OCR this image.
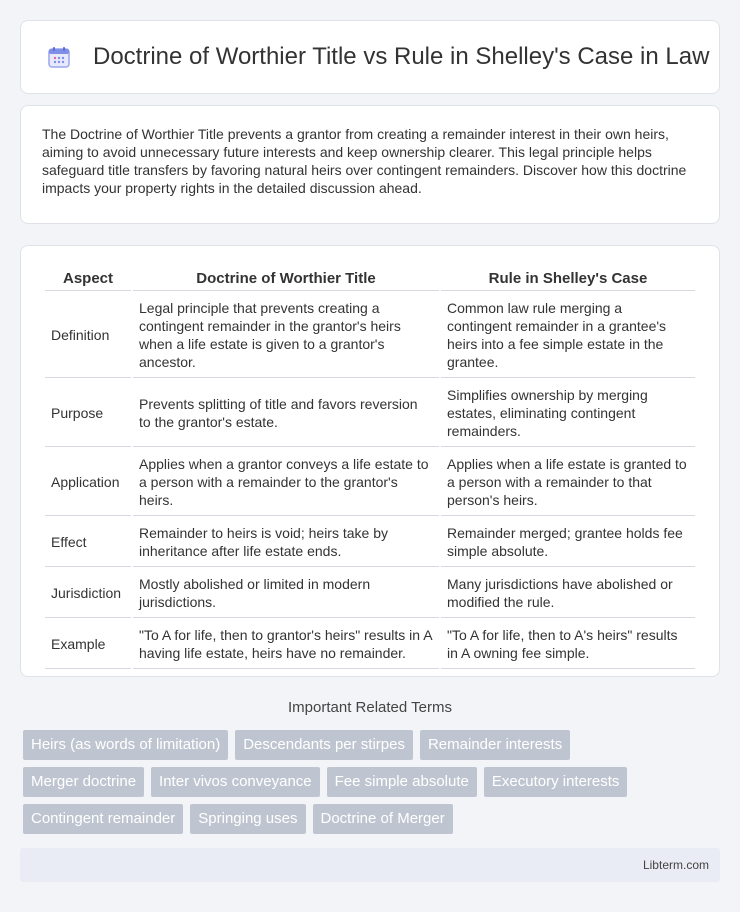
Doctrine of Worthier Title vs Rule in Shelley's Case in Law

The Doctrine of Worthier Title prevents a grantor from creating a remainder interest in their own heirs, aiming to avoid unnecessary future interests and keep ownership clearer. This legal principle helps safeguard title transfers by favoring natural heirs over contingent remainders. Discover how this doctrine impacts your property rights in the detailed discussion ahead.

Aspect	Doctrine of Worthier Title	Rule in Shelley's Case
Definition	Legal principle that prevents creating a contingent remainder in the grantor's heirs when a life estate is given to a grantor's ancestor.	Common law rule merging a contingent remainder in a grantee's heirs into a fee simple estate in the grantee.
Purpose	Prevents splitting of title and favors reversion to the grantor's estate.	Simplifies ownership by merging estates, eliminating contingent remainders.
Application	Applies when a grantor conveys a life estate to a person with a remainder to the grantor's heirs.	Applies when a life estate is granted to a person with a remainder to that person's heirs.
Effect	Remainder to heirs is void; heirs take by inheritance after life estate ends.	Remainder merged; grantee holds fee simple absolute.
Jurisdiction	Mostly abolished or limited in modern jurisdictions.	Many jurisdictions have abolished or modified the rule.
Example	"To A for life, then to grantor's heirs" results in A having life estate, heirs have no remainder.	"To A for life, then to A's heirs" results in A owning fee simple.
Important Related Terms
Heirs (as words of limitation)	Descendants per stirpes	Remainder interests
Merger doctrine	Inter vivos conveyance	Fee simple absolute	Executory interests
Contingent remainder	Springing uses	Doctrine of Merger
Libterm.com
